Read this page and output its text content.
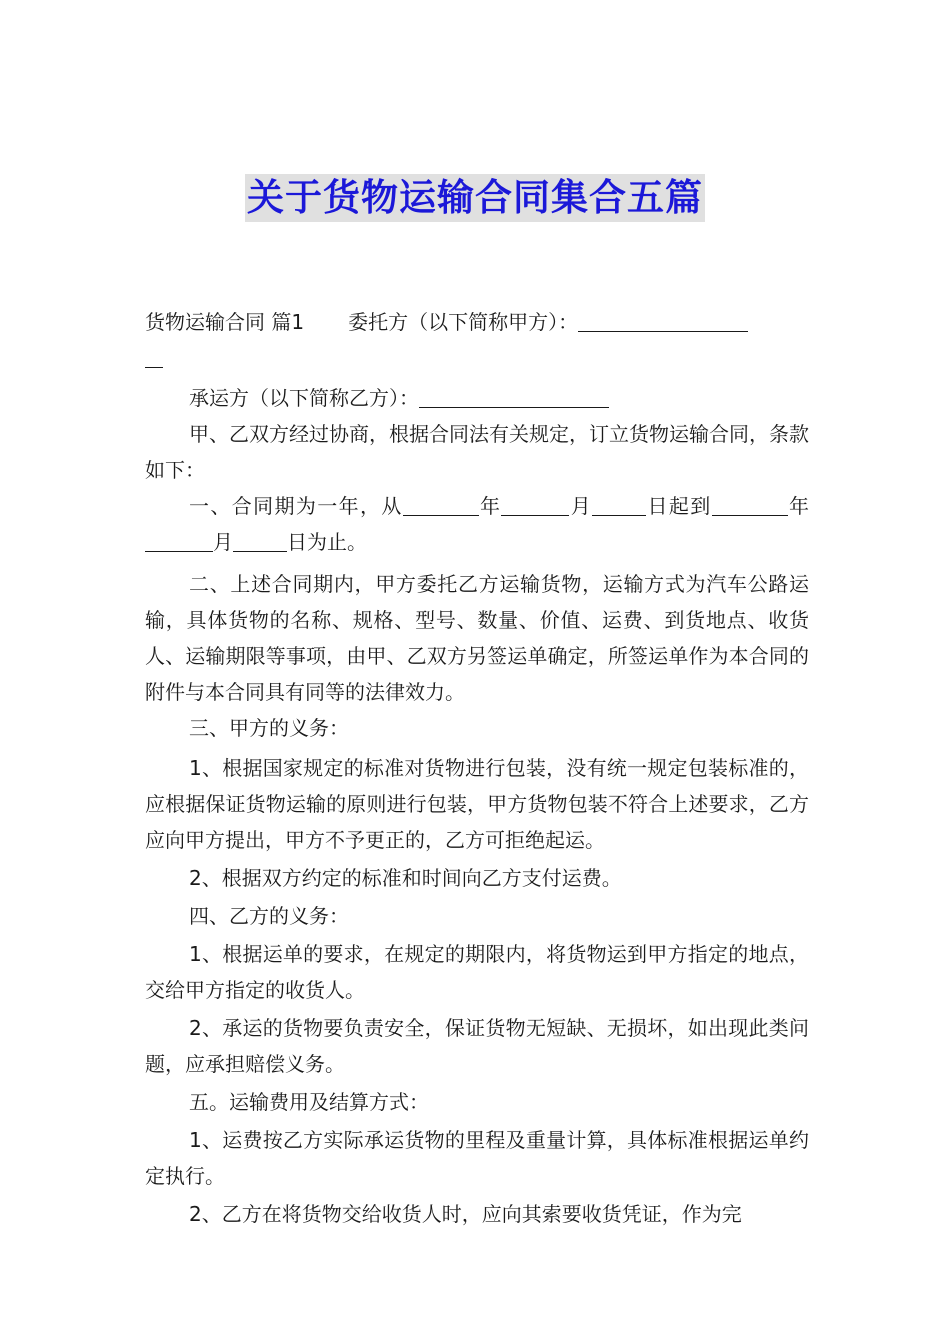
关于货物运输合同集合五篇

货物运输合同 篇1 委托方（以下简称甲方）：

承运方（以下简称乙方）：

甲、乙双方经过协商，根据合同法有关规定，订立货物运输合同，条款如下：

一、合同期为一年，从	年	月	日起到	年月	日为止。

二、上述合同期内，甲方委托乙方运输货物，运输方式为汽车公路运输，具体货物的名称、规格、型号、数量、价值、运费、到货地点、收货人、运输期限等事项，由甲、乙双方另签运单确定，所签运单作为本合同的附件与本合同具有同等的法律效力。

三、甲方的义务：

1、根据国家规定的标准对货物进行包装，没有统一规定包装标准的，应根据保证货物运输的原则进行包装，甲方货物包装不符合上述要求，乙方应向甲方提出，甲方不予更正的，乙方可拒绝起运。

2、根据双方约定的标准和时间向乙方支付运费。

四、乙方的义务：

1、根据运单的要求，在规定的期限内，将货物运到甲方指定的地点，交给甲方指定的收货人。

2、承运的货物要负责安全，保证货物无短缺、无损坏，如出现此类问题，应承担赔偿义务。

五。运输费用及结算方式：

1、运费按乙方实际承运货物的里程及重量计算，具体标准根据运单约定执行。

2、乙方在将货物交给收货人时，应向其索要收货凭证，作为完
